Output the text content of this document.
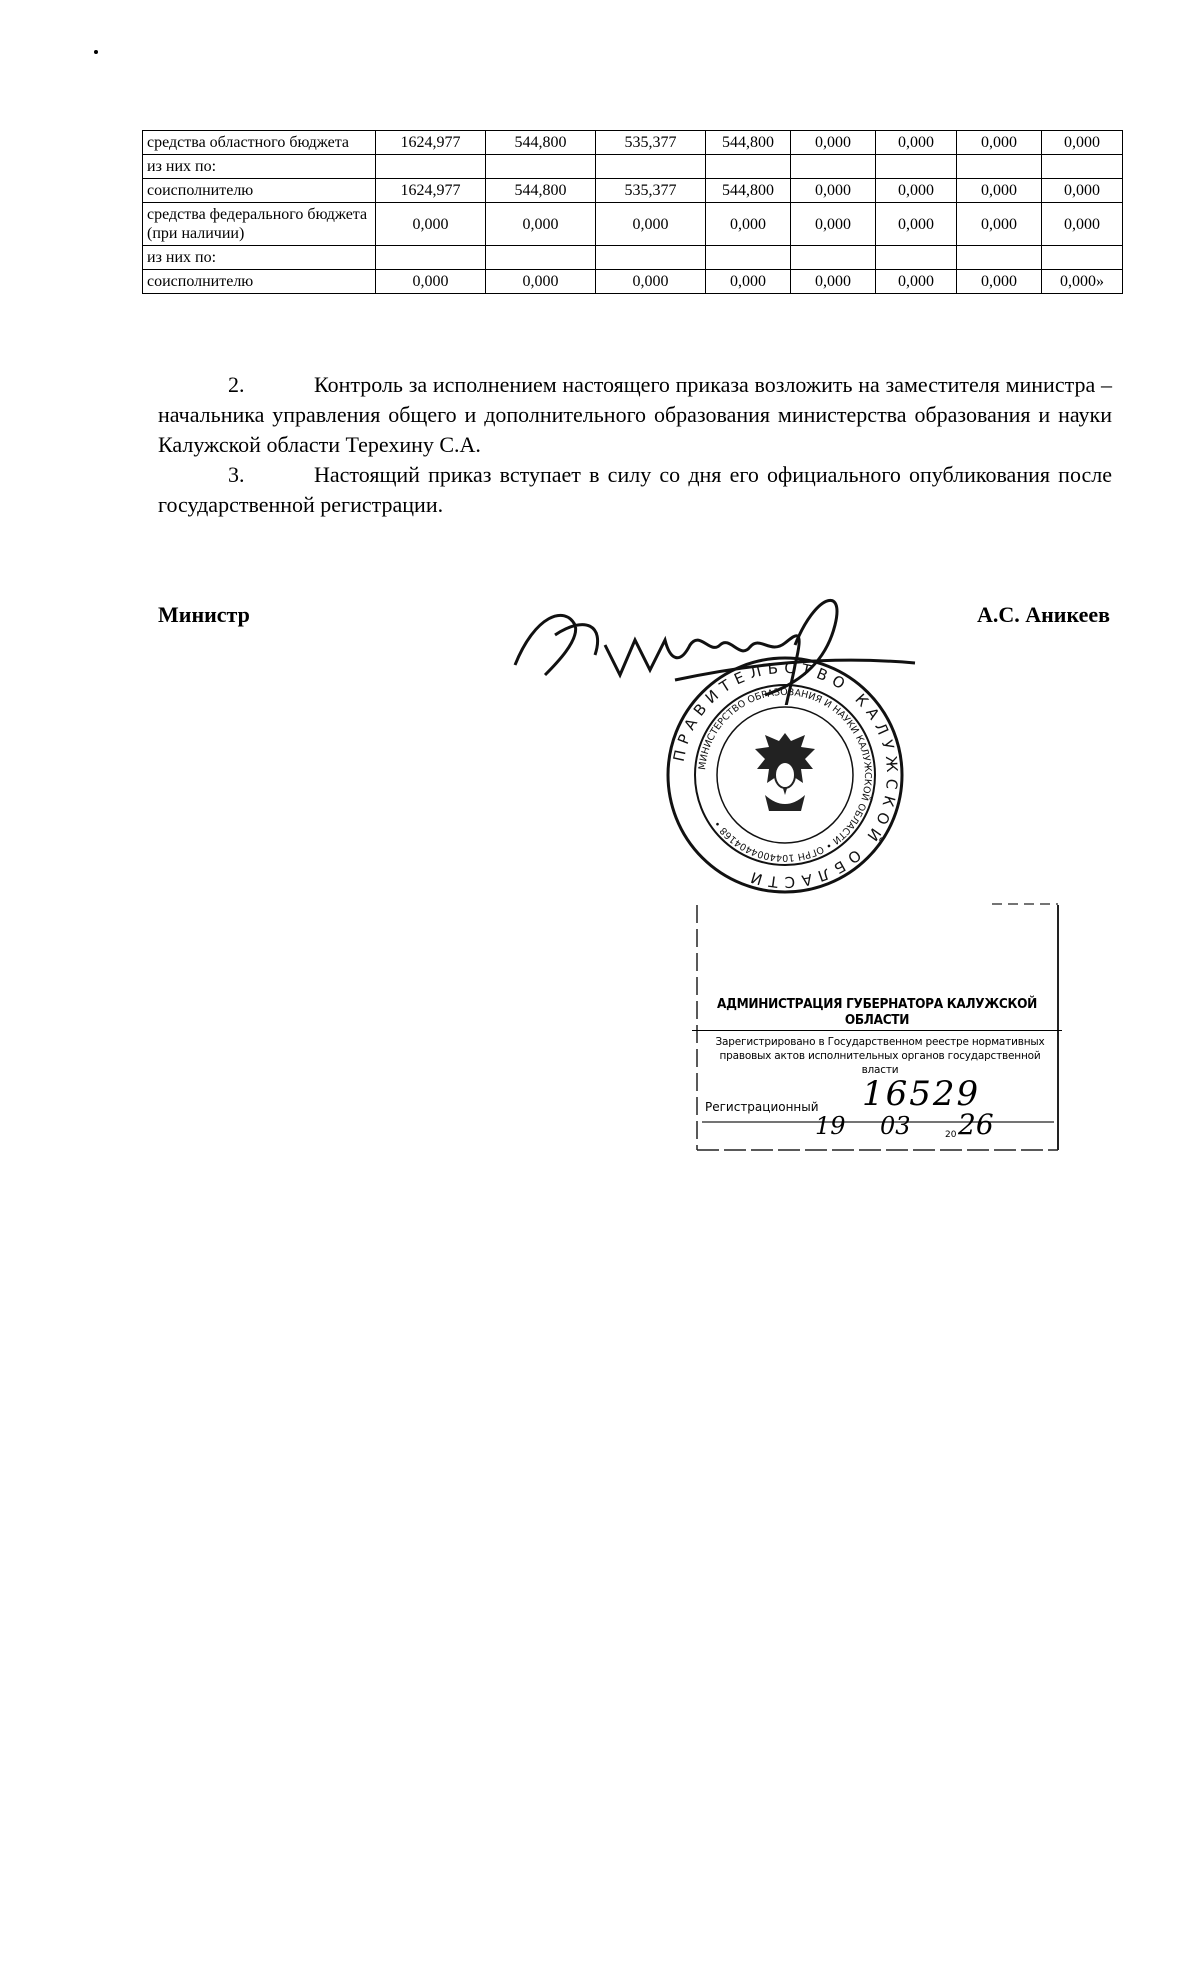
средства областного бюджета	1624,977	544,800	535,377	544,800	0,000	0,000	0,000	0,000
из них по:								
соисполнителю	1624,977	544,800	535,377	544,800	0,000	0,000	0,000	0,000
средства федерального бюджета (при наличии)	0,000	0,000	0,000	0,000	0,000	0,000	0,000	0,000
из них по:								
соисполнителю	0,000	0,000	0,000	0,000	0,000	0,000	0,000	0,000»
2.	Контроль за исполнением настоящего приказа возложить на заместителя министра – начальника управления общего и дополнительного образования министерства образования и науки Калужской области Терехину С.А.
3.	Настоящий приказ вступает в силу со дня его официального опубликования после государственной регистрации.
Министр	А.С. Аникеев
ПРАВИТЕЛЬСТВО КАЛУЖСКОЙ ОБЛАСТИ
МИНИСТЕРСТВО ОБРАЗОВАНИЯ И НАУКИ КАЛУЖСКОЙ ОБЛАСТИ • ОГРН 1044004404168 •
АДМИНИСТРАЦИЯ ГУБЕРНАТОРА КАЛУЖСКОЙ ОБЛАСТИ
Зарегистрировано в Государственном реестре нормативных правовых актов исполнительных органов государственной власти
Регистрационный 16529
19 03	20 26
